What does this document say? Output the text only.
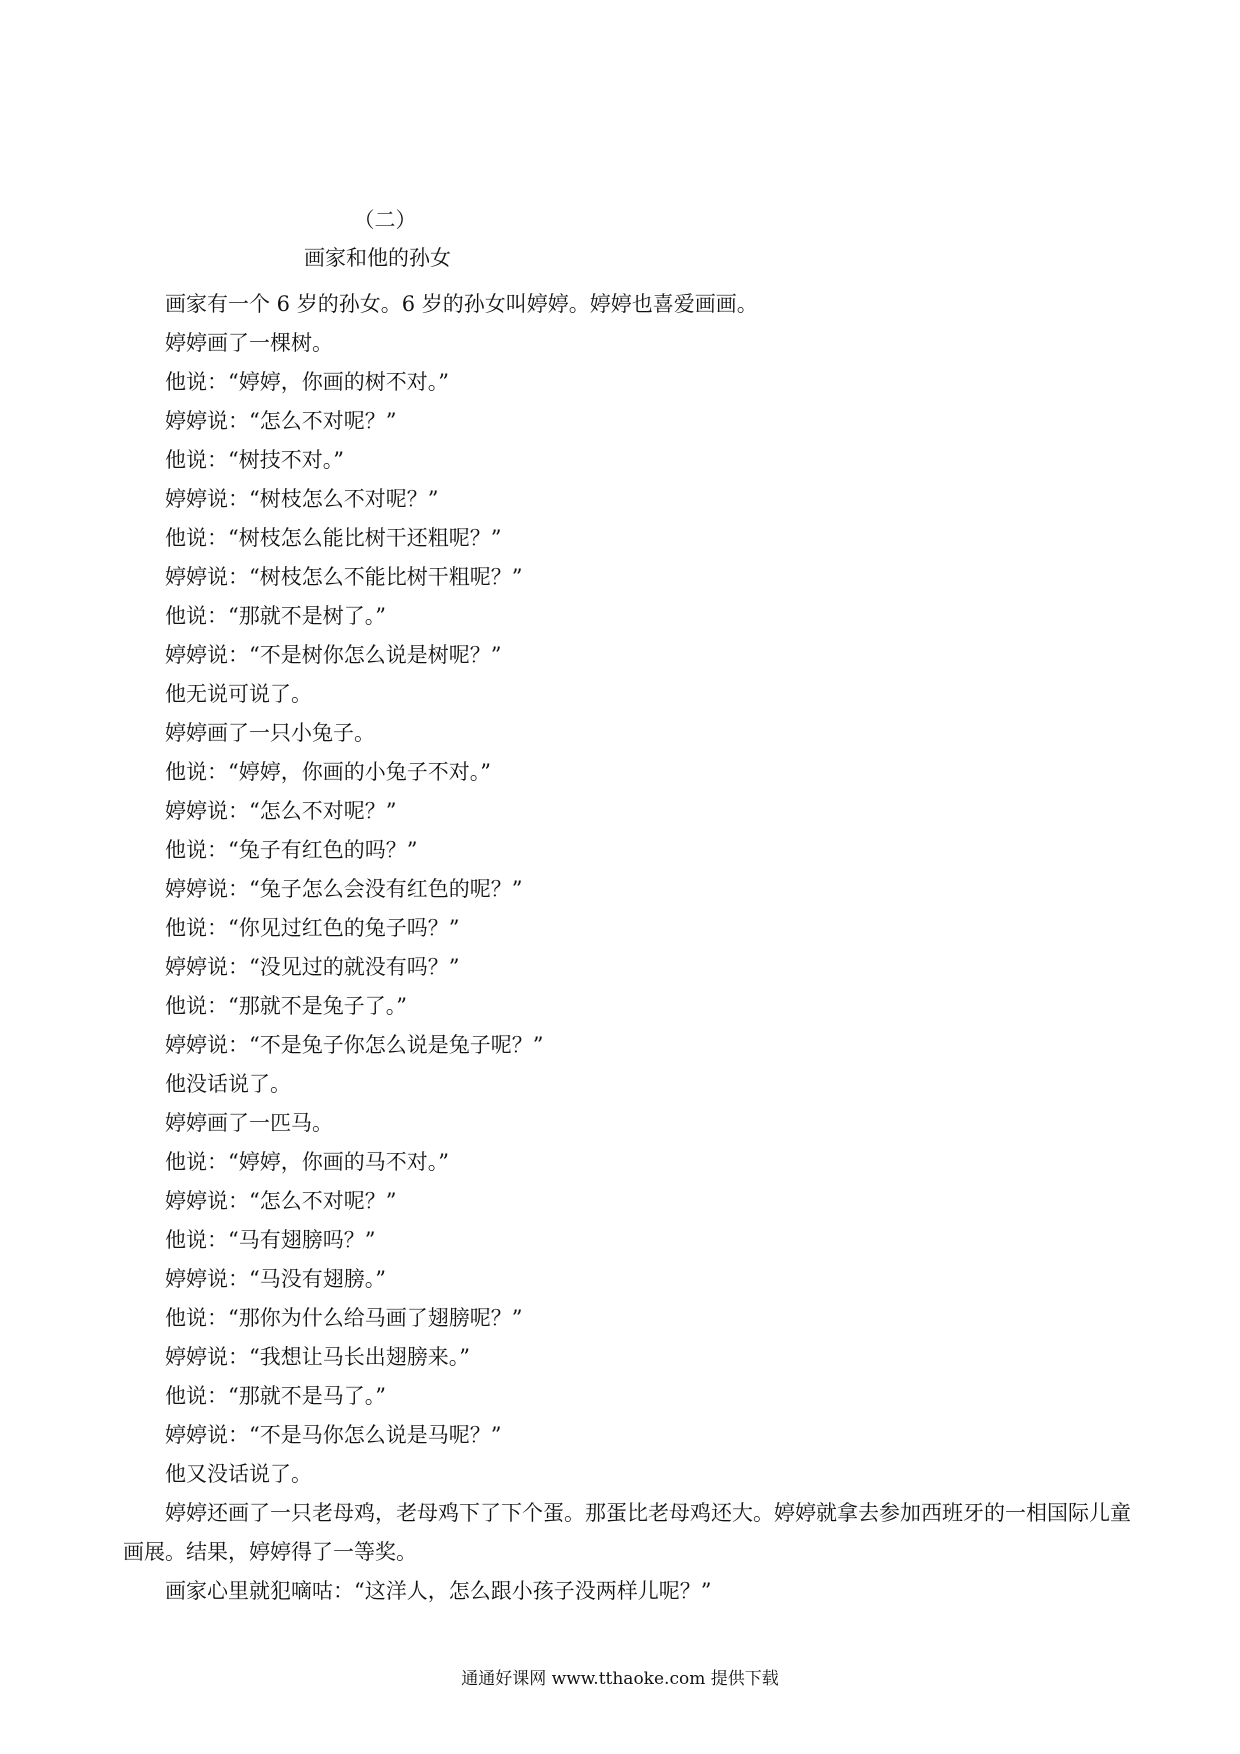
（二）
画家和他的孙女

画家有一个 6 岁的孙女。6 岁的孙女叫婷婷。婷婷也喜爱画画。

婷婷画了一棵树。

他说：“婷婷，你画的树不对。”

婷婷说：“怎么不对呢？”

他说：“树技不对。”

婷婷说：“树枝怎么不对呢？”

他说：“树枝怎么能比树干还粗呢？”

婷婷说：“树枝怎么不能比树干粗呢？”

他说：“那就不是树了。”

婷婷说：“不是树你怎么说是树呢？”

他无说可说了。

婷婷画了一只小兔子。

他说：“婷婷，你画的小兔子不对。”

婷婷说：“怎么不对呢？”

他说：“兔子有红色的吗？”

婷婷说：“兔子怎么会没有红色的呢？”

他说：“你见过红色的兔子吗？”

婷婷说：“没见过的就没有吗？”

他说：“那就不是兔子了。”

婷婷说：“不是兔子你怎么说是兔子呢？”

他没话说了。

婷婷画了一匹马。

他说：“婷婷，你画的马不对。”

婷婷说：“怎么不对呢？”

他说：“马有翅膀吗？”

婷婷说：“马没有翅膀。”

他说：“那你为什么给马画了翅膀呢？”

婷婷说：“我想让马长出翅膀来。”

他说：“那就不是马了。”

婷婷说：“不是马你怎么说是马呢？”

他又没话说了。

婷婷还画了一只老母鸡，老母鸡下了下个蛋。那蛋比老母鸡还大。婷婷就拿去参加西班牙的一相国际儿童画展。结果，婷婷得了一等奖。

画家心里就犯嘀咕：“这洋人，怎么跟小孩子没两样儿呢？”

通通好课网 www.tthaoke.com 提供下载
